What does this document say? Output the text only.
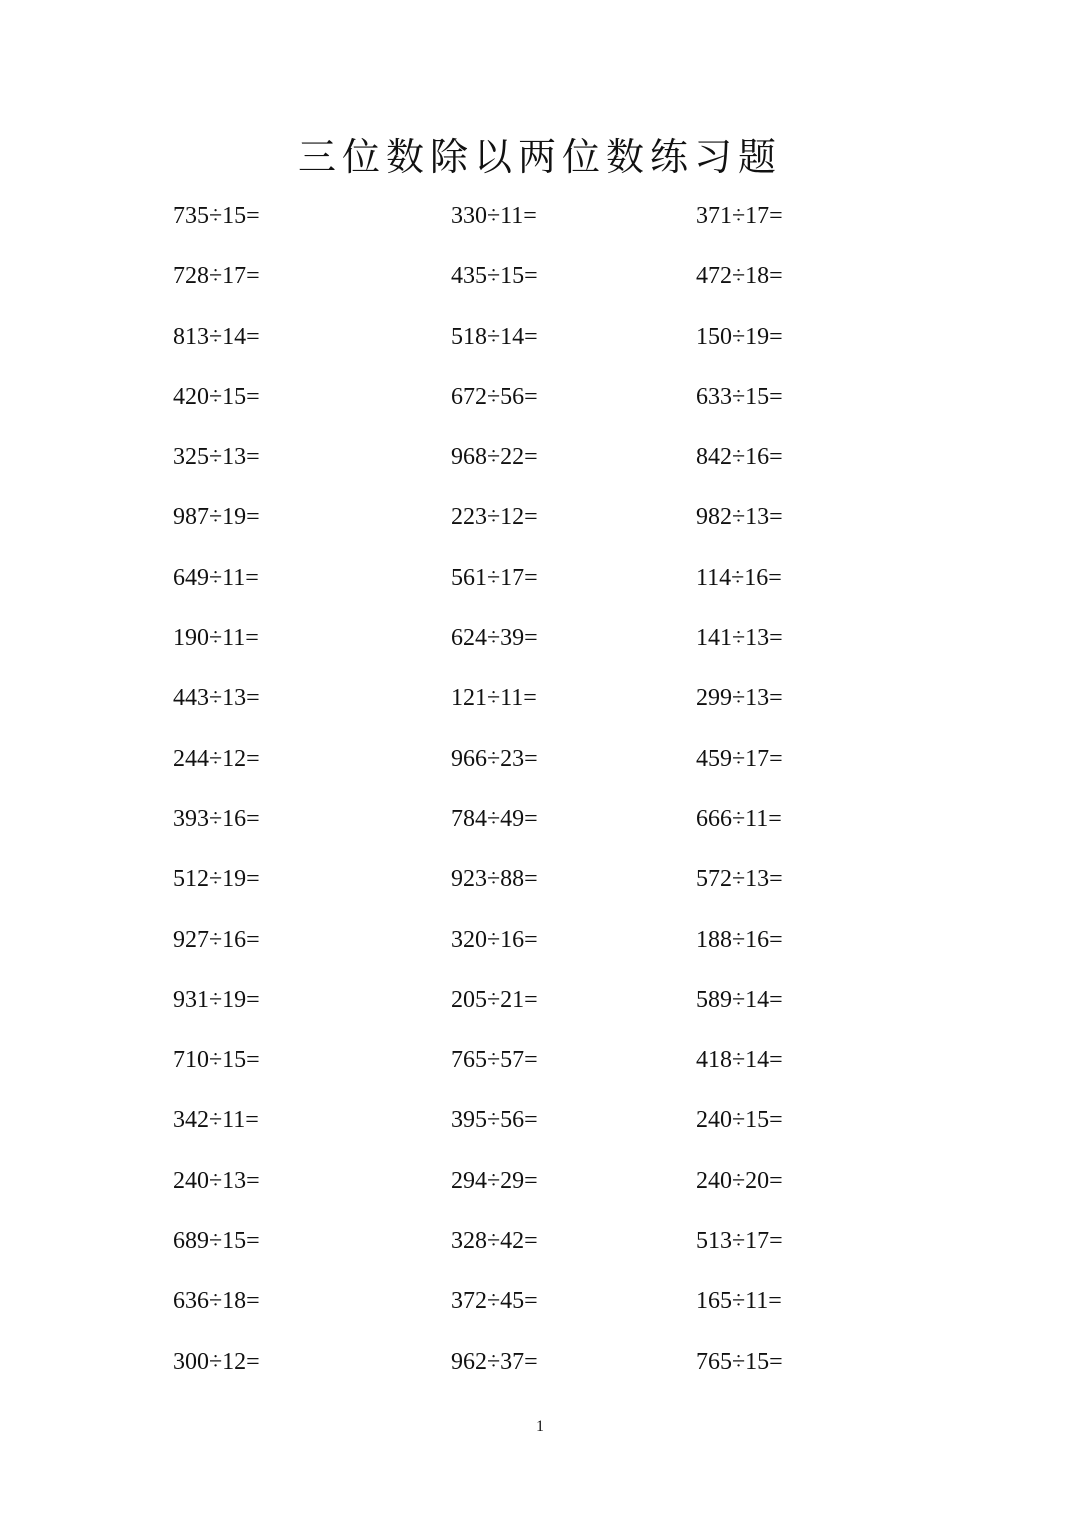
三位数除以两位数练习题
735÷15=	330÷11=	371÷17=
728÷17=	435÷15=	472÷18=
813÷14=	518÷14=	150÷19=
420÷15=	672÷56=	633÷15=
325÷13=	968÷22=	842÷16=
987÷19=	223÷12=	982÷13=
649÷11=	561÷17=	114÷16=
190÷11=	624÷39=	141÷13=
443÷13=	121÷11=	299÷13=
244÷12=	966÷23=	459÷17=
393÷16=	784÷49=	666÷11=
512÷19=	923÷88=	572÷13=
927÷16=	320÷16=	188÷16=
931÷19=	205÷21=	589÷14=
710÷15=	765÷57=	418÷14=
342÷11=	395÷56=	240÷15=
240÷13=	294÷29=	240÷20=
689÷15=	328÷42=	513÷17=
636÷18=	372÷45=	165÷11=
300÷12=	962÷37=	765÷15=
1
